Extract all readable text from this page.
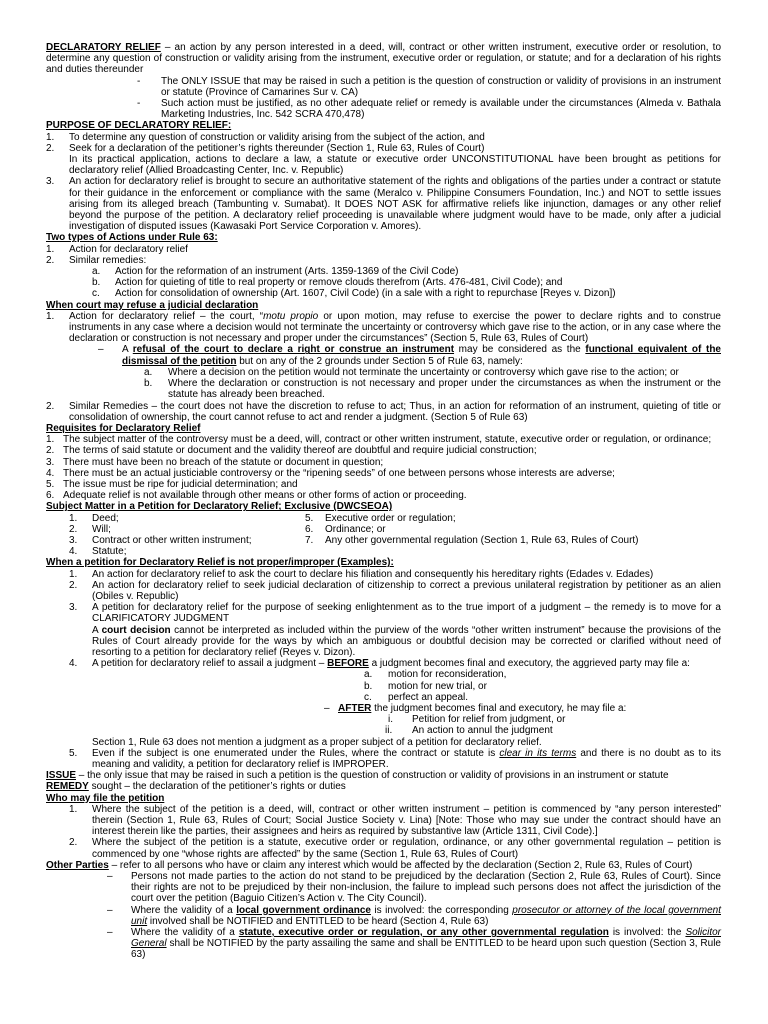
DECLARATORY RELIEF – an action by any person interested in a deed, will, contract or other written instrument, executive order or resolution, to determine any question of construction or validity arising from the instrument, executive order or regulation, or statute; and for a declaration of his rights and duties thereunder

-	The ONLY ISSUE that may be raised in such a petition is the question of construction or validity of provisions in an instrument or statute (Province of Camarines Sur v. CA)
-	Such action must be justified, as no other adequate relief or remedy is available under the circumstances (Almeda v. Bathala Marketing Industries, Inc. 542 SCRA 470,478)

PURPOSE OF DECLARATORY RELIEF:

1.	To determine any question of construction or validity arising from the subject of the action, and
2.	Seek for a declaration of the petitioner’s rights thereunder (Section 1, Rule 63, Rules of Court)

In its practical application, actions to declare a law, a statute or executive order UNCONSTITUTIONAL have been brought as petitions for declaratory relief (Allied Broadcasting Center, Inc. v. Republic)

3.	An action for declaratory relief is brought to secure an authoritative statement of the rights and obligations of the parties under a contract or statute for their guidance in the enforcement or compliance with the same (Meralco v. Philippine Consumers Foundation, Inc.) and NOT to settle issues arising from its alleged breach (Tambunting v. Sumabat). It DOES NOT ASK for affirmative reliefs like injunction, damages or any other relief beyond the purpose of the petition. A declaratory relief proceeding is unavailable where judgment would have to be made, only after a judicial investigation of disputed issues (Kawasaki Port Service Corporation v. Amores).

Two types of Actions under Rule 63:

1.	Action for declaratory relief
2.	Similar remedies:
a.	Action for the reformation of an instrument (Arts. 1359-1369 of the Civil Code)
b.	Action for quieting of title to real property or remove clouds therefrom (Arts. 476-481, Civil Code); and
c.	Action for consolidation of ownership (Art. 1607, Civil Code) (in a sale with a right to repurchase [Reyes v. Dizon])

When court may refuse a judicial declaration

1.	Action for declaratory relief – the court, “motu propio or upon motion, may refuse to exercise the power to declare rights and to construe instruments in any case where a decision would not terminate the uncertainty or controversy which gave rise to the action, or in any case where the declaration or construction is not necessary and proper under the circumstances” (Section 5, Rule 63, Rules of Court)
–	A refusal of the court to declare a right or construe an instrument may be considered as the functional equivalent of the dismissal of the petition but on any of the 2 grounds under Section 5 of Rule 63, namely:
a.	Where a decision on the petition would not terminate the uncertainty or controversy which gave rise to the action; or
b.	Where the declaration or construction is not necessary and proper under the circumstances as when the instrument or the statute has already been breached.
2.	Similar Remedies – the court does not have the discretion to refuse to act; Thus, in an action for reformation of an instrument, quieting of title or consolidation of ownership, the court cannot refuse to act and render a judgment. (Section 5 of Rule 63)

Requisites for Declaratory Relief

1. The subject matter of the controversy must be a deed, will, contract or other written instrument, statute, executive order or regulation, or ordinance;
2. The terms of said statute or document and the validity thereof are doubtful and require judicial construction;
3. There must have been no breach of the statute or document in question;
4. There must be an actual justiciable controversy or the “ripening seeds” of one between persons whose interests are adverse;
5. The issue must be ripe for judicial determination; and
6. Adequate relief is not available through other means or other forms of action or proceeding.

Subject Matter in a Petition for Declaratory Relief; Exclusive (DWCSEOA)

1.	Deed;
2.	Will;
3.	Contract or other written instrument;
4.	Statute;
5.	Executive order or regulation;
6.	Ordinance; or
7.	Any other governmental regulation (Section 1, Rule 63, Rules of Court)

When a petition for Declaratory Relief is not proper/improper (Examples):

1.	An action for declaratory relief to ask the court to declare his filiation and consequently his hereditary rights (Edades v. Edades)
2.	An action for declaratory relief to seek judicial declaration of citizenship to correct a previous unilateral registration by petitioner as an alien (Obiles v. Republic)
3.	A petition for declaratory relief for the purpose of seeking enlightenment as to the true import of a judgment – the remedy is to move for a CLARIFICATORY JUDGMENT

A court decision cannot be interpreted as included within the purview of the words “other written instrument” because the provisions of the Rules of Court already provide for the ways by which an ambiguous or doubtful decision may be corrected or clarified without need of resorting to a petition for declaratory relief (Reyes v. Dizon).

4.	A petition for declaratory relief to assail a judgment – BEFORE a judgment becomes final and executory, the aggrieved party may file a:
a.	motion for reconsideration,
b.	motion for new trial, or
c.	perfect an appeal.
– AFTER the judgment becomes final and executory, he may file a:
i.	Petition for relief from judgment, or
ii.	An action to annul the judgment

Section 1, Rule 63 does not mention a judgment as a proper subject of a petition for declaratory relief.

5.	Even if the subject is one enumerated under the Rules, where the contract or statute is clear in its terms and there is no doubt as to its meaning and validity, a petition for declaratory relief is IMPROPER.

ISSUE – the only issue that may be raised in such a petition is the question of construction or validity of provisions in an instrument or statute

REMEDY sought – the declaration of the petitioner’s rights or duties

Who may file the petition

1.	Where the subject of the petition is a deed, will, contract or other written instrument – petition is commenced by “any person interested” therein (Section 1, Rule 63, Rules of Court; Social Justice Society v. Lina) [Note: Those who may sue under the contract should have an interest therein like the parties, their assignees and heirs as required by substantive law (Article 1311, Civil Code).]
2.	Where the subject of the petition is a statute, executive order or regulation, ordinance, or any other governmental regulation – petition is commenced by one “whose rights are affected” by the same (Section 1, Rule 63, Rules of Court)

Other Parties – refer to all persons who have or claim any interest which would be affected by the declaration (Section 2, Rule 63, Rules of Court)

–	Persons not made parties to the action do not stand to be prejudiced by the declaration (Section 2, Rule 63, Rules of Court). Since their rights are not to be prejudiced by their non-inclusion, the failure to implead such persons does not affect the jurisdiction of the court over the petition (Baguio Citizen’s Action v. The City Council).
–	Where the validity of a local government ordinance is involved: the corresponding prosecutor or attorney of the local government unit involved shall be NOTIFIED and ENTITLED to be heard (Section 4, Rule 63)
–	Where the validity of a statute, executive order or regulation, or any other governmental regulation is involved: the Solicitor General shall be NOTIFIED by the party assailing the same and shall be ENTITLED to be heard upon such question (Section 3, Rule 63)
